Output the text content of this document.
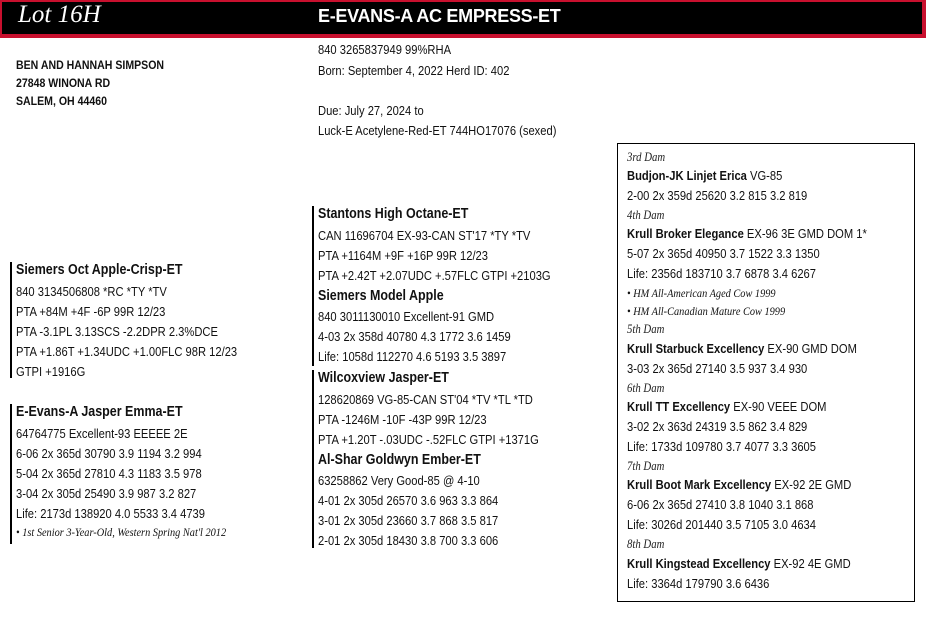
Lot 16H	E-EVANS-A AC EMPRESS-ET
BEN AND HANNAH SIMPSON
27848 WINONA RD
SALEM, OH 44460
840 3265837949 99%RHA
Born: September 4, 2022 Herd ID: 402
Due: July 27, 2024 to
Luck-E Acetylene-Red-ET 744HO17076 (sexed)
Siemers Oct Apple-Crisp-ET
840 3134506808 *RC *TY *TV
PTA +84M +4F -6P 99R 12/23
PTA -3.1PL 3.13SCS -2.2DPR 2.3%DCE
PTA +1.86T +1.34UDC +1.00FLC 98R 12/23
GTPI +1916G
E-Evans-A Jasper Emma-ET
64764775 Excellent-93 EEEEE 2E
6-06 2x 365d 30790 3.9 1194 3.2 994
5-04 2x 365d 27810 4.3 1183 3.5 978
3-04 2x 305d 25490 3.9 987 3.2 827
Life: 2173d 138920 4.0 5533 3.4 4739
• 1st Senior 3-Year-Old, Western Spring Nat'l 2012
Stantons High Octane-ET
CAN 11696704 EX-93-CAN ST'17 *TY *TV
PTA +1164M +9F +16P 99R 12/23
PTA +2.42T +2.07UDC +.57FLC GTPI +2103G
Siemers Model Apple
840 3011130010 Excellent-91 GMD
4-03 2x 358d 40780 4.3 1772 3.6 1459
Life: 1058d 112270 4.6 5193 3.5 3897
Wilcoxview Jasper-ET
128620869 VG-85-CAN ST'04 *TV *TL *TD
PTA -1246M -10F -43P 99R 12/23
PTA +1.20T -.03UDC -.52FLC GTPI +1371G
Al-Shar Goldwyn Ember-ET
63258862 Very Good-85 @ 4-10
4-01 2x 305d 26570 3.6 963 3.3 864
3-01 2x 305d 23660 3.7 868 3.5 817
2-01 2x 305d 18430 3.8 700 3.3 606
3rd Dam
Budjon-JK Linjet Erica VG-85
2-00 2x 359d 25620 3.2 815 3.2 819
4th Dam
Krull Broker Elegance EX-96 3E GMD DOM 1*
5-07 2x 365d 40950 3.7 1522 3.3 1350
Life: 2356d 183710 3.7 6878 3.4 6267
• HM All-American Aged Cow 1999
• HM All-Canadian Mature Cow 1999
5th Dam
Krull Starbuck Excellency EX-90 GMD DOM
3-03 2x 365d 27140 3.5 937 3.4 930
6th Dam
Krull TT Excellency EX-90 VEEE DOM
3-02 2x 363d 24319 3.5 862 3.4 829
Life: 1733d 109780 3.7 4077 3.3 3605
7th Dam
Krull Boot Mark Excellency EX-92 2E GMD
6-06 2x 365d 27410 3.8 1040 3.1 868
Life: 3026d 201440 3.5 7105 3.0 4634
8th Dam
Krull Kingstead Excellency EX-92 4E GMD
Life: 3364d 179790 3.6 6436
